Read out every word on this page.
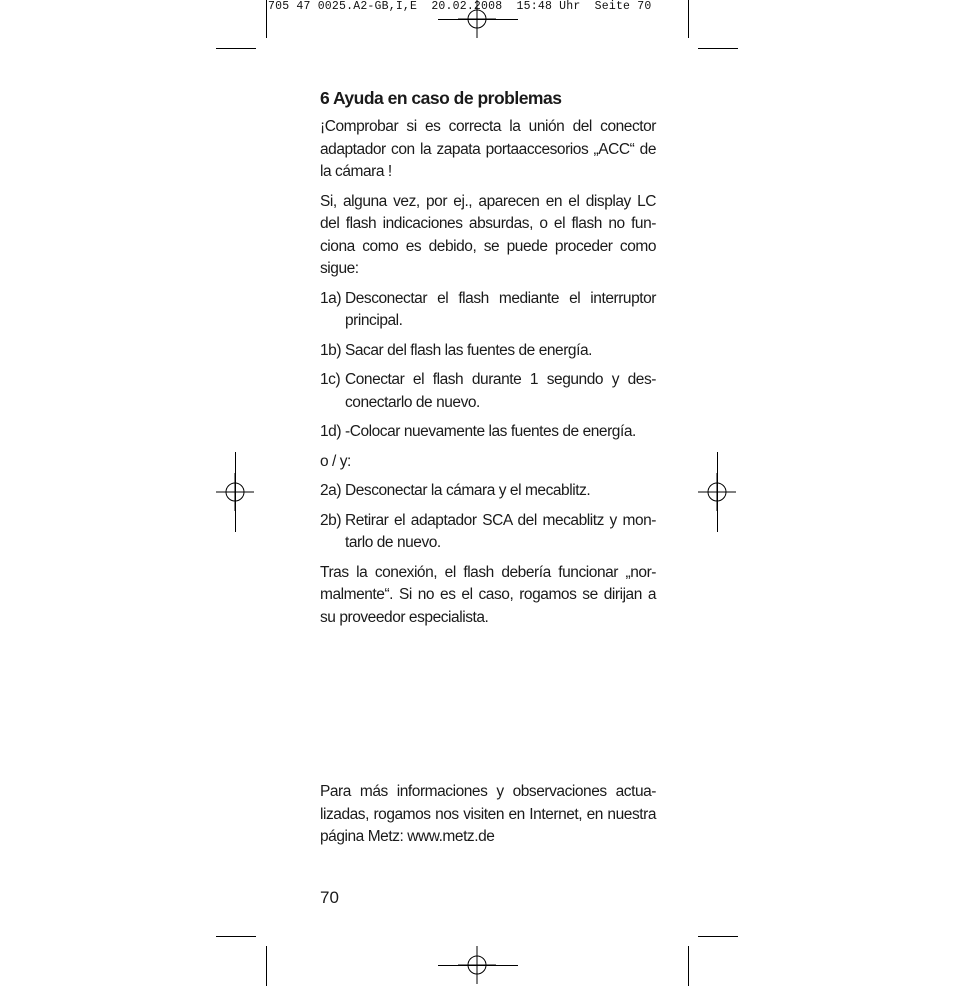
705 47 0025.A2-GB,I,E  20.02.2008  15:48 Uhr  Seite 70
6 Ayuda en caso de problemas

¡Comprobar si es correcta la unión del conector adaptador con la zapata portaaccesorios „ACC“ de la cámara !

Si, alguna vez, por ej., aparecen en el display LC del flash indicaciones absurdas, o el flash no fun-ciona como es debido, se puede proceder como sigue:

1a) Desconectar el flash mediante el interruptor principal.
1b) Sacar del flash las fuentes de energía.
1c) Conectar el flash durante 1 segundo y des-conectarlo de nuevo.
1d) -Colocar nuevamente las fuentes de energía.

o / y:

2a) Desconectar la cámara y el mecablitz.
2b) Retirar el adaptador SCA del mecablitz y mon-tarlo de nuevo.

Tras la conexión, el flash debería funcionar „nor-malmente“. Si no es el caso, rogamos se dirijan a su proveedor especialista.

Para más informaciones y observaciones actua-lizadas, rogamos nos visiten en Internet, en nuestra página Metz: www.metz.de

70
